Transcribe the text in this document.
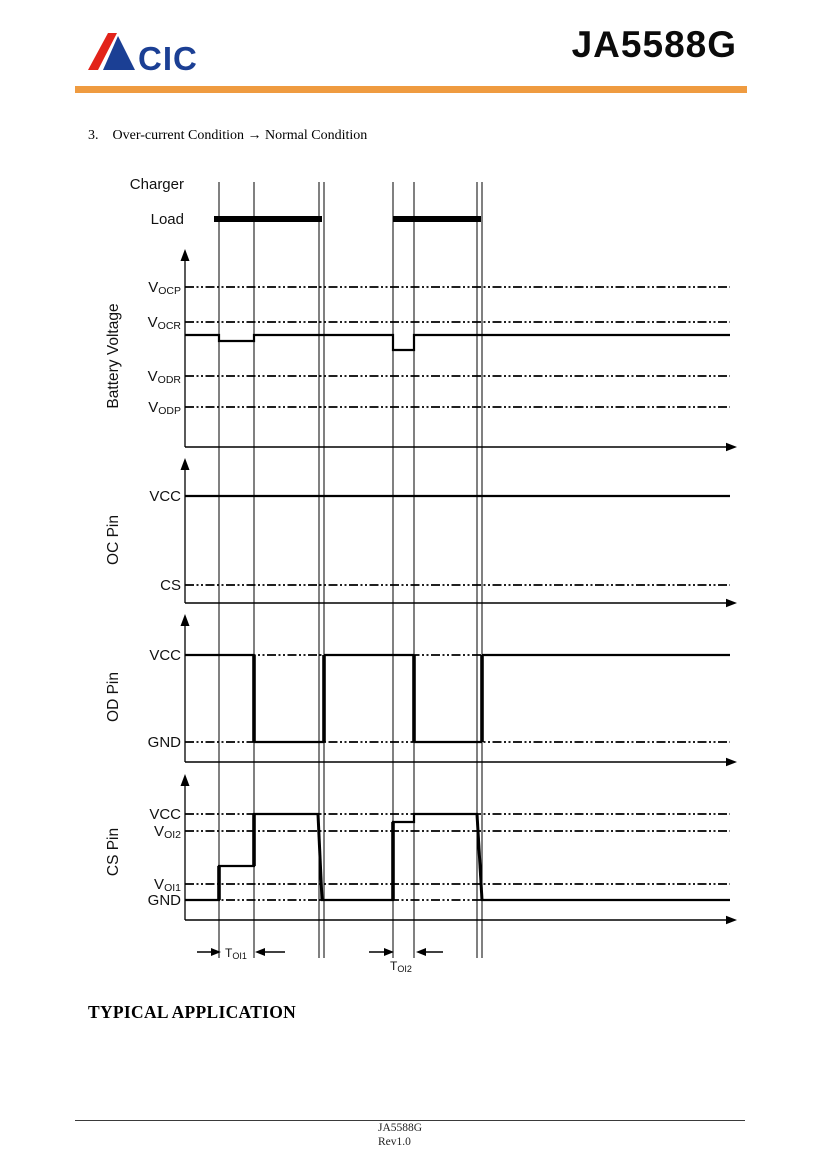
CIC	JA5588G
3. Over-current Condition → Normal Condition
Charger
Load
VOCP
VOCR
VODR
VODP
Battery Voltage
VCC
CS
OC Pin
VCC
GND
OD Pin
VCC
VOI2
VOI1
GND
CS Pin
TOI1
TOI2
TYPICAL APPLICATION
JA5588G
Rev1.0
